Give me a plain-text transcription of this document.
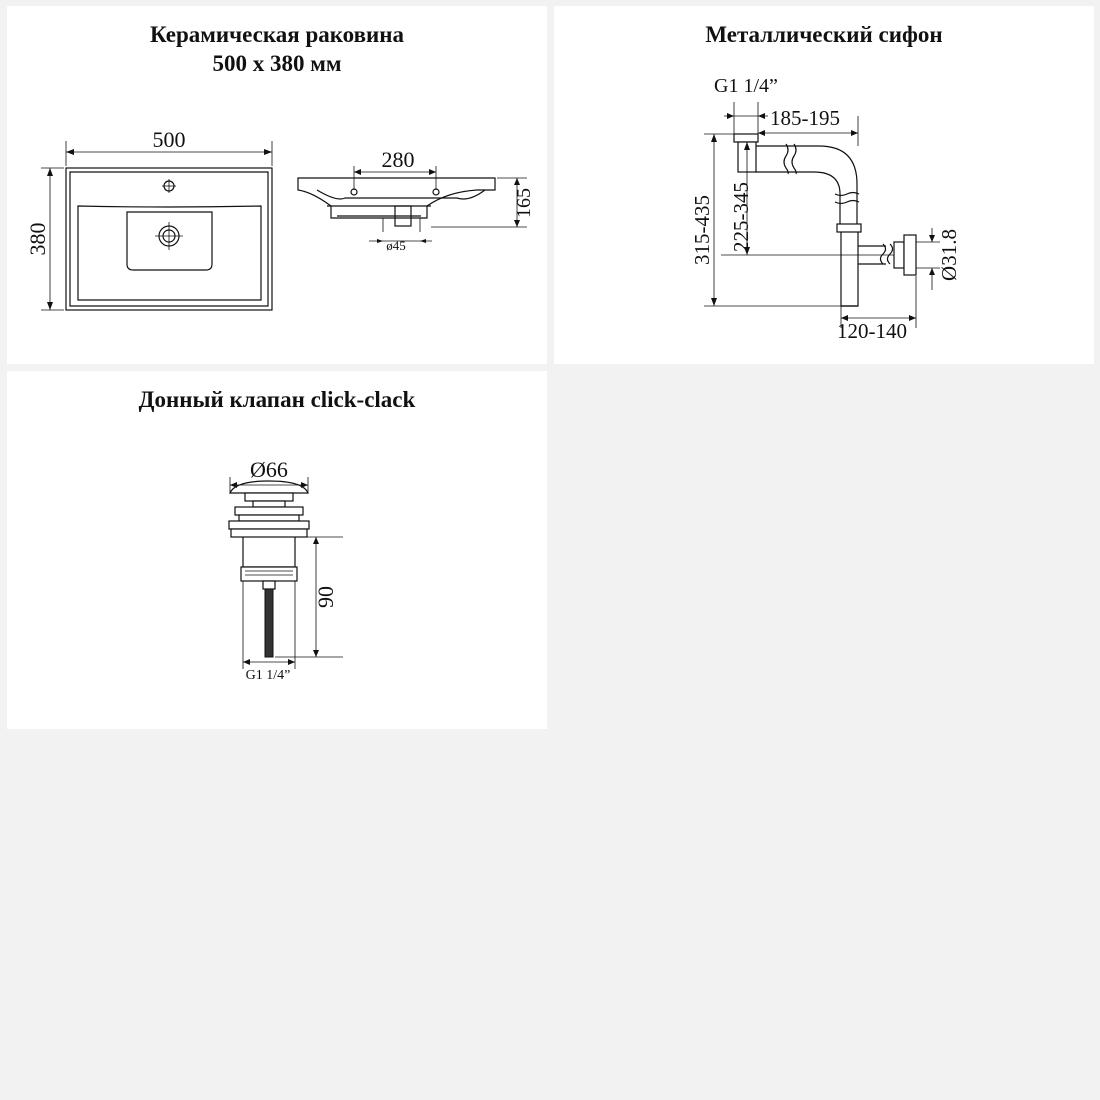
Керамическая раковина
500 x 380 мм
500
380
280
165
ø45
Металлический сифон
G1 1/4”
185-195
315-435 225-345
Ø31.8
120-140
Донный клапан click-clack
Ø66
90
G1 1/4”
